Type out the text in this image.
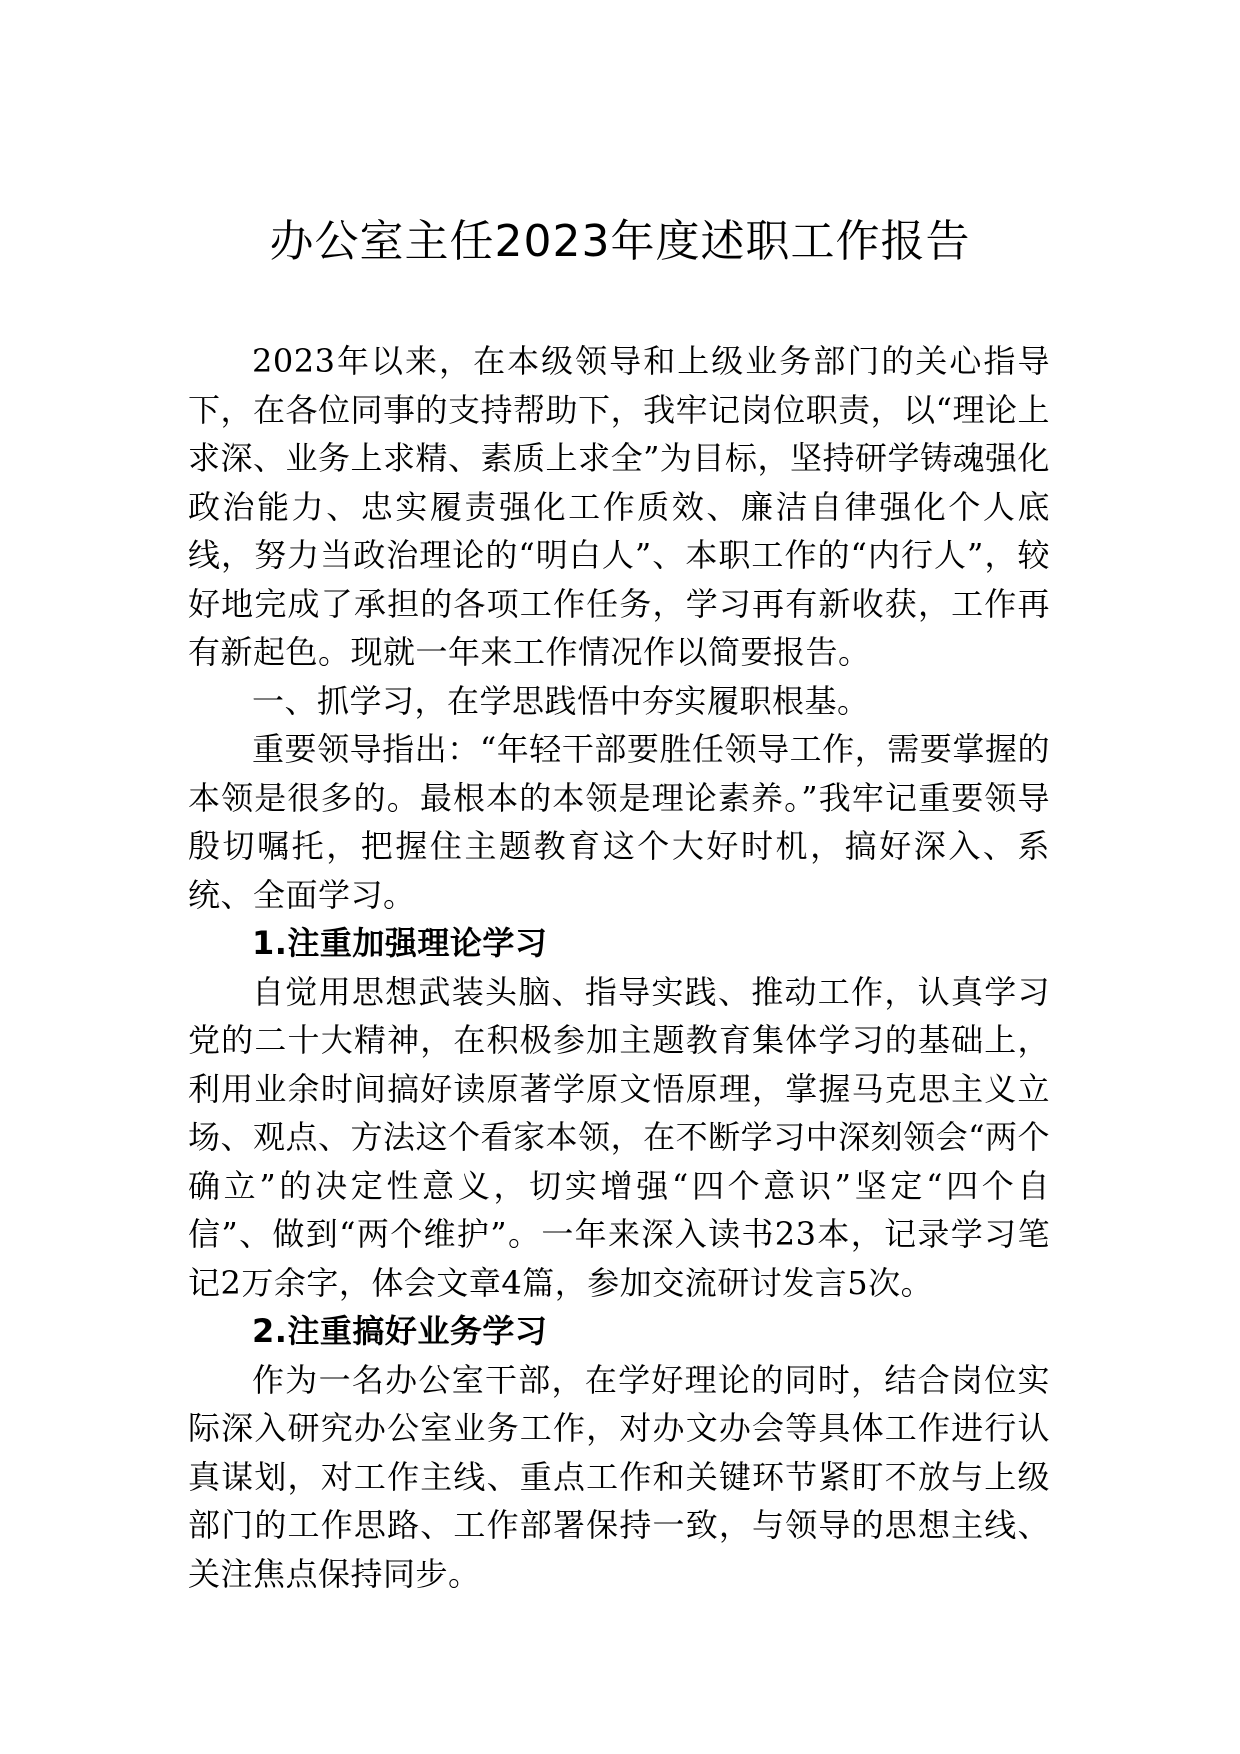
办公室主任2023年度述职工作报告

2023年以来，在本级领导和上级业务部门的关心指导下，在各位同事的支持帮助下，我牢记岗位职责，以“理论上求深、业务上求精、素质上求全”为目标，坚持研学铸魂强化政治能力、忠实履责强化工作质效、廉洁自律强化个人底线，努力当政治理论的“明白人”、本职工作的“内行人”，较好地完成了承担的各项工作任务，学习再有新收获，工作再有新起色。现就一年来工作情况作以简要报告。

一、抓学习，在学思践悟中夯实履职根基。

重要领导指出：“年轻干部要胜任领导工作，需要掌握的本领是很多的。最根本的本领是理论素养。”我牢记重要领导殷切嘱托，把握住主题教育这个大好时机，搞好深入、系统、全面学习。

1.注重加强理论学习

自觉用思想武装头脑、指导实践、推动工作，认真学习党的二十大精神，在积极参加主题教育集体学习的基础上，利用业余时间搞好读原著学原文悟原理，掌握马克思主义立场、观点、方法这个看家本领，在不断学习中深刻领会“两个确立”的决定性意义，切实增强“四个意识”坚定“四个自信”、做到“两个维护”。一年来深入读书23本，记录学习笔记2万余字，体会文章4篇，参加交流研讨发言5次。

2.注重搞好业务学习

作为一名办公室干部，在学好理论的同时，结合岗位实际深入研究办公室业务工作，对办文办会等具体工作进行认真谋划，对工作主线、重点工作和关键环节紧盯不放与上级部门的工作思路、工作部署保持一致，与领导的思想主线、关注焦点保持同步。
